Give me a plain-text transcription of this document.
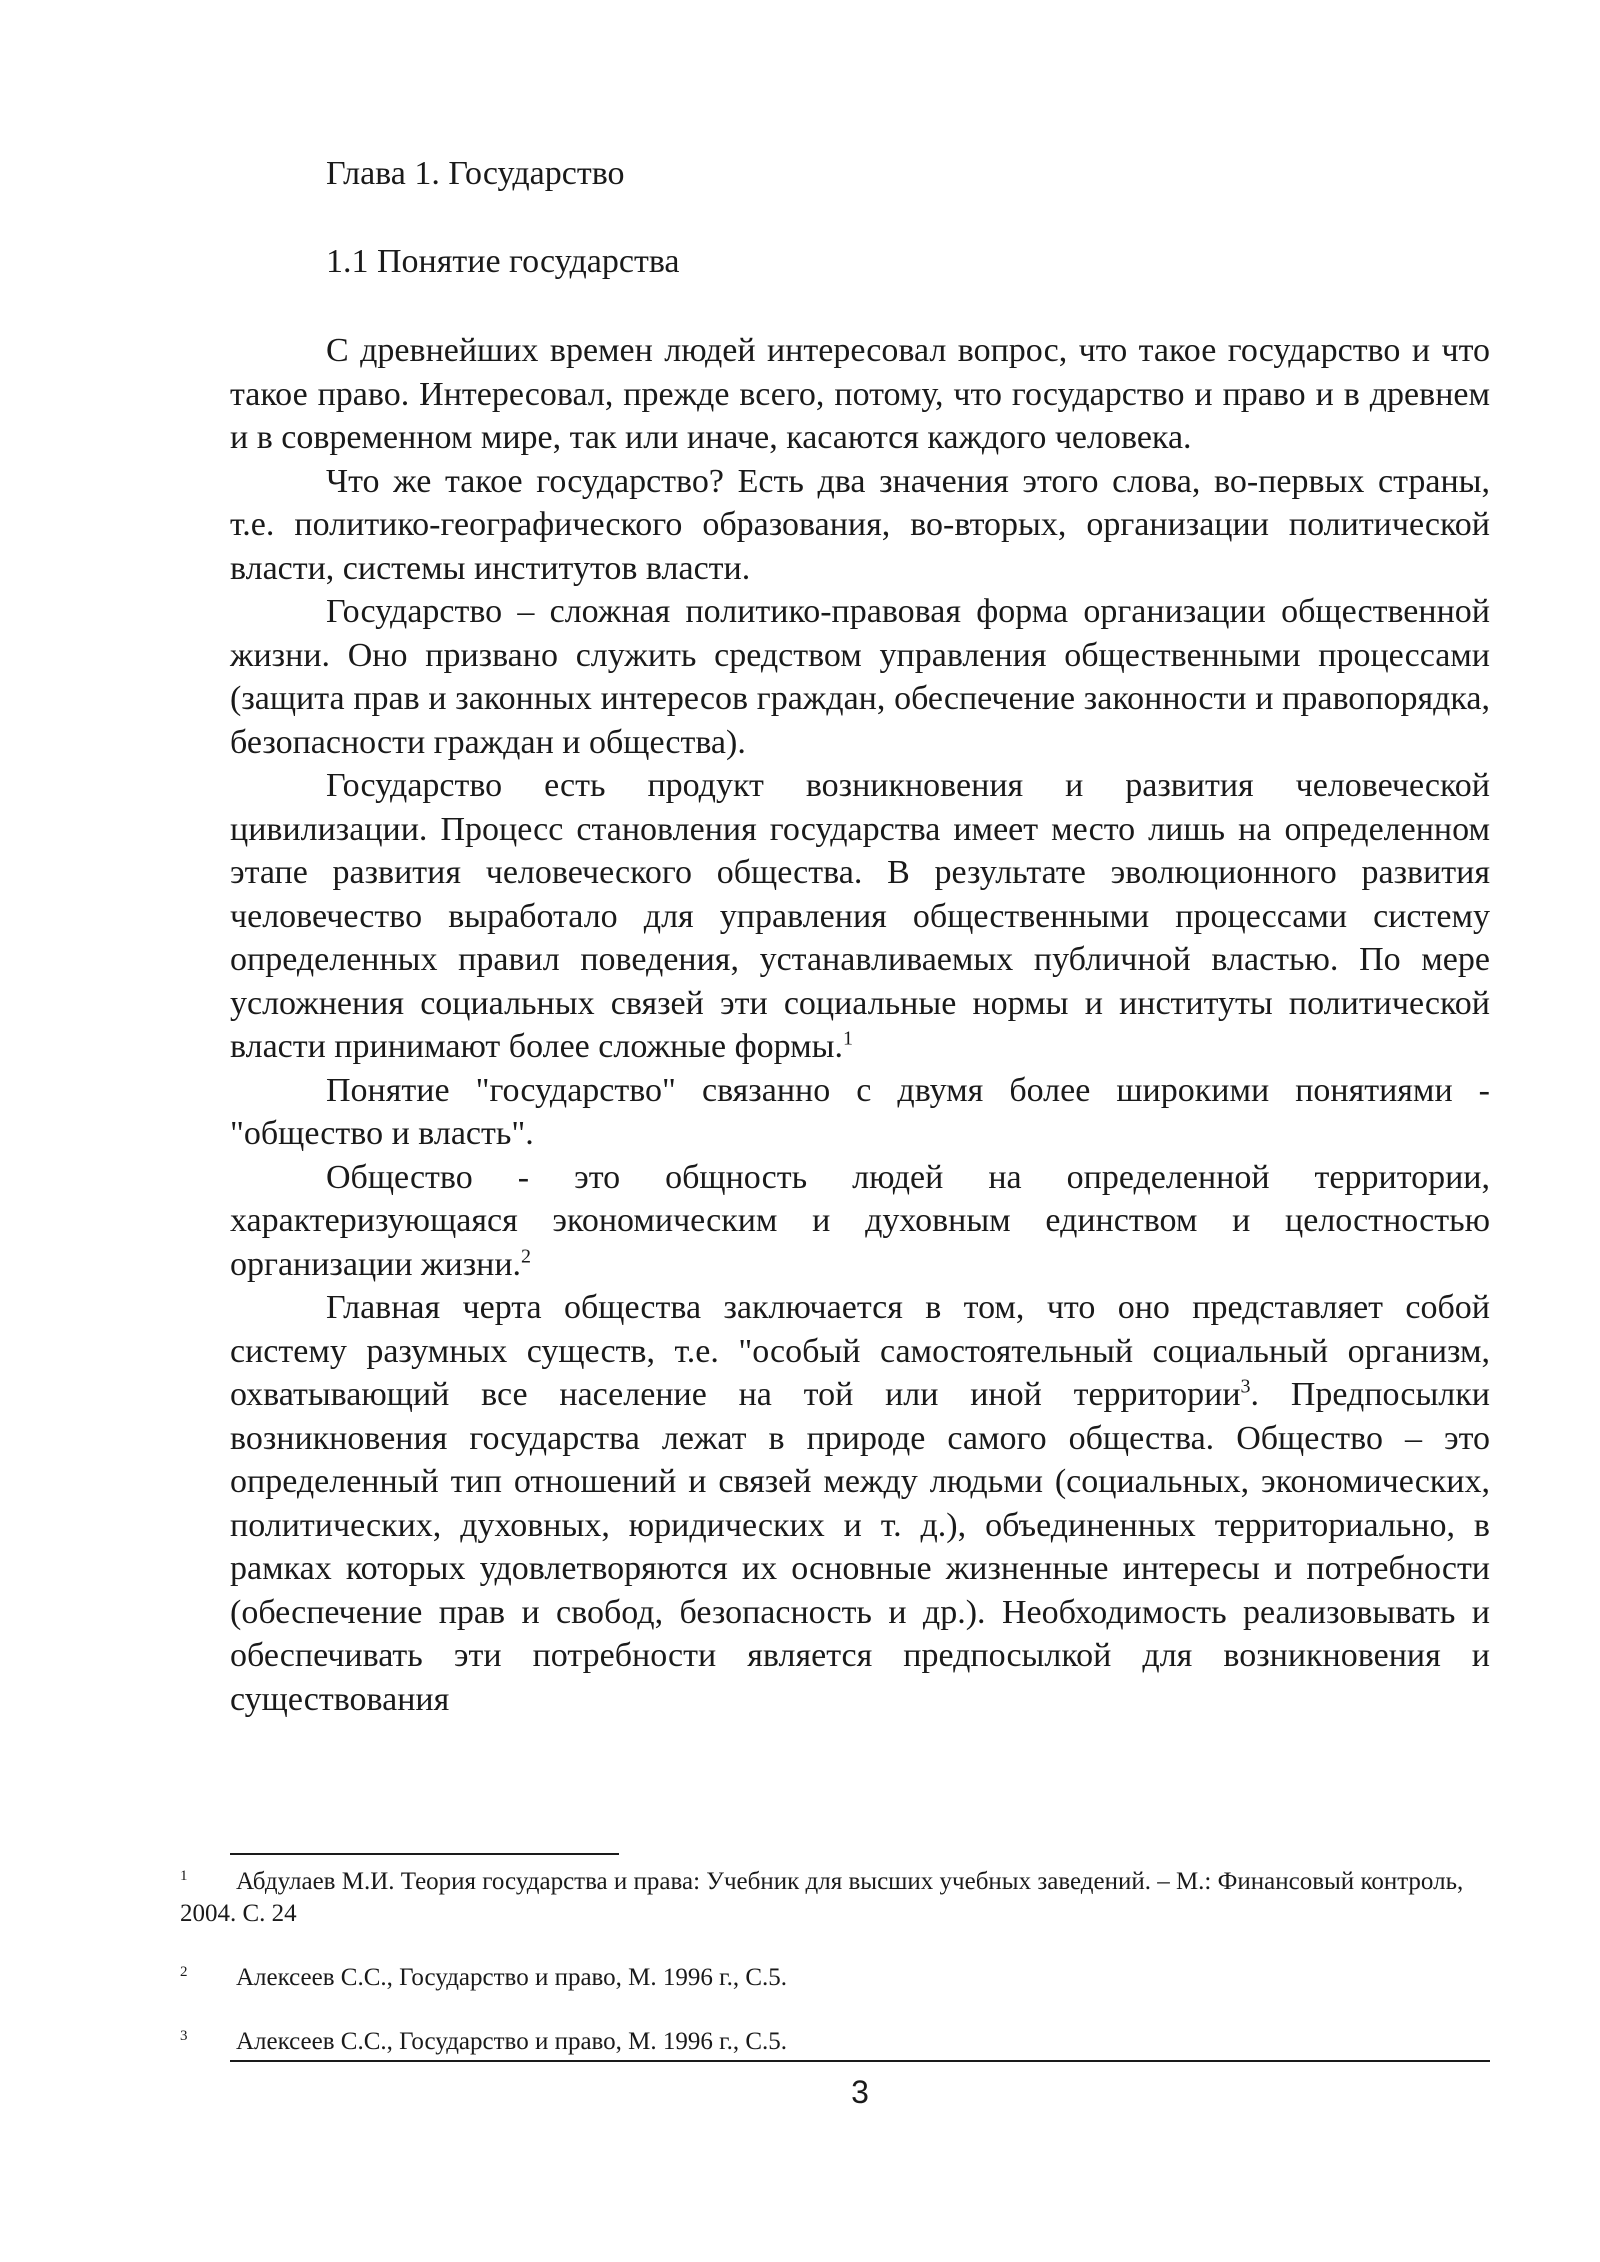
Глава 1. Государство
1.1 Понятие государства

С древнейших времен людей интересовал вопрос, что такое государство и что такое право. Интересовал, прежде всего, потому, что государство и право и в древнем и в современном мире, так или иначе, касаются каждого человека.

Что же такое государство? Есть два значения этого слова, во-первых страны, т.е. политико-географического образования, во-вторых, организации политической власти, системы институтов власти.

Государство – сложная политико-правовая форма организации общественной жизни. Оно призвано служить средством управления общественными процессами (защита прав и законных интересов граждан, обеспечение законности и правопорядка, безопасности граждан и общества).

Государство есть продукт возникновения и развития человеческой цивилизации. Процесс становления государства имеет место лишь на определенном этапе развития человеческого общества. В результате эволюционного развития человечество выработало для управления общественными процессами систему определенных правил поведения, устанавливаемых публичной властью. По мере усложнения социальных связей эти социальные нормы и институты политической власти принимают более сложные формы.$^1$

Понятие "государство" связанно с двумя более широкими понятиями - "общество и власть".

Общество - это общность людей на определенной территории, характеризующаяся экономическим и духовным единством и целостностью организации жизни.$^2$

Главная черта общества заключается в том, что оно представляет собой систему разумных существ, т.е. "особый самостоятельный социальный организм, охватывающий все население на той или иной территории$^3$. Предпосылки возникновения государства лежат в природе самого общества. Общество – это определенный тип отношений и связей между людьми (социальных, экономических, политических, духовных, юридических и т. д.), объединенных территориально, в рамках которых удовлетворяются их основные жизненные интересы и потребности (обеспечение прав и свобод, безопасность и др.). Необходимость реализовывать и обеспечивать эти потребности является предпосылкой для возникновения и существования

1 Абдулаев М.И. Теория государства и права: Учебник для высших учебных заведений. – М.: Финансовый контроль, 2004. С. 24

2 Алексеев С.С., Государство и право, М. 1996 г., С.5.

3 Алексеев С.С., Государство и право, М. 1996 г., С.5.

3
